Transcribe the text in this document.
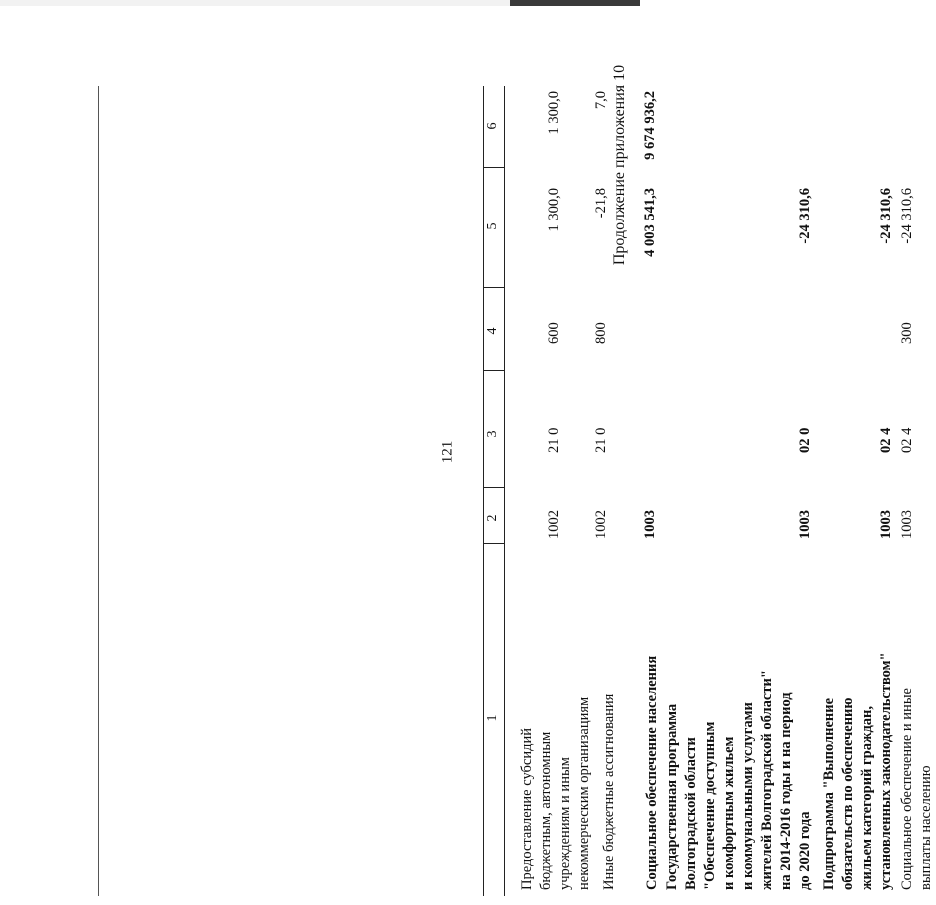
121
Продолжение приложения 10
1
2
3
4
5
6
Предоставление субсидий бюджетным, автономным учреждениям и иным некоммерческим организациям
1002
21 0
600
1 300,0
1 300,0
Иные бюджетные ассигнования
1002
21 0
800
-21,8
7,0
Социальное обеспечение населения
1003
4 003 541,3
9 674 936,2
Государственная программа Волгоградской области "Обеспечение доступным и комфортным жильем и коммунальными услугами жителей Волгоградской области" на 2014-2016 годы и на период до 2020 года
1003
02 0
-24 310,6
Подпрограмма "Выполнение обязательств по обеспечению жильем категорий граждан, установленных законодательством"
1003
02 4
-24 310,6
Социальное обеспечение и иные выплаты населению
1003
02 4
300
-24 310,6
